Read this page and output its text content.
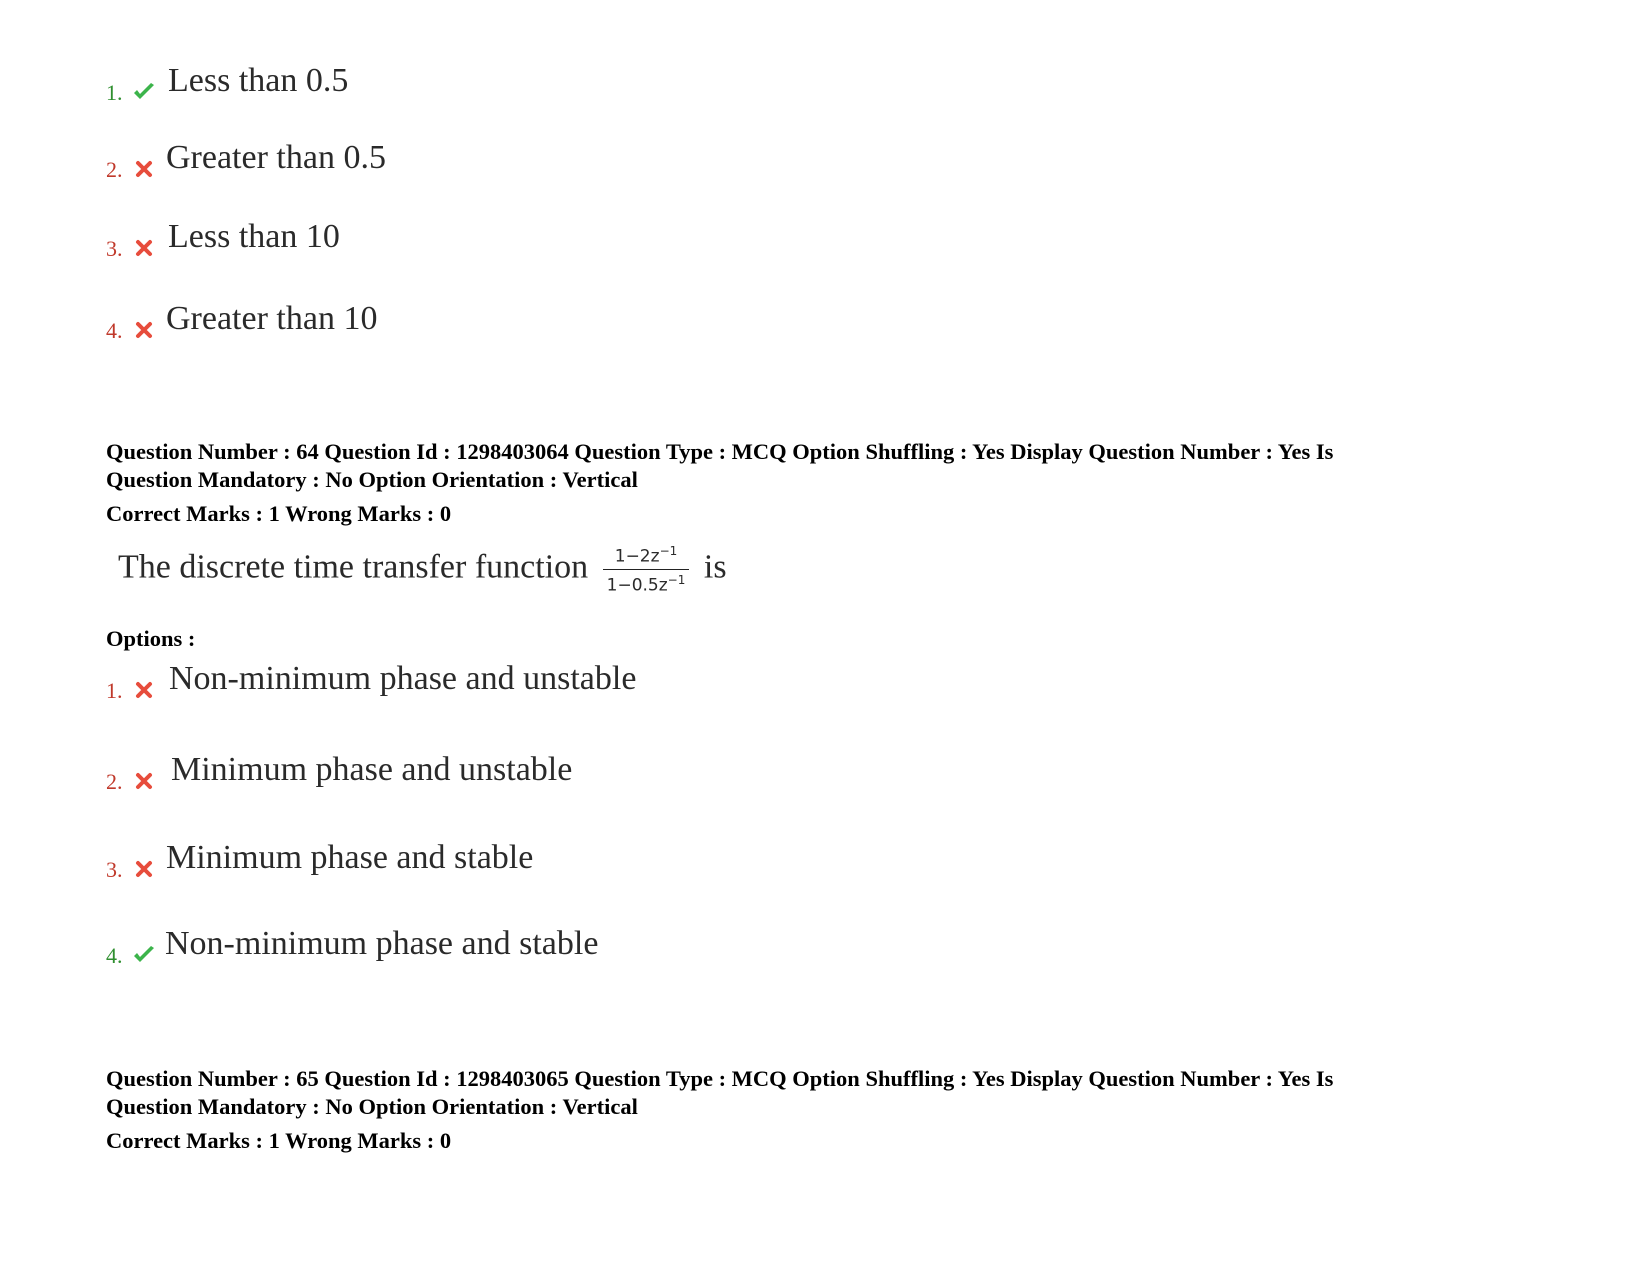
1. Less than 0.5
2. Greater than 0.5
3. Less than 10
4. Greater than 10
Question Number : 64 Question Id : 1298403064 Question Type : MCQ Option Shuffling : Yes Display Question Number : Yes Is
Question Mandatory : No Option Orientation : Vertical
Correct Marks : 1 Wrong Marks : 0
The discrete time transfer function $\frac{1-2z^{-1}}{1-0.5z^{-1}}$ is
Options :
1. Non-minimum phase and unstable
2. Minimum phase and unstable
3. Minimum phase and stable
4. Non-minimum phase and stable
Question Number : 65 Question Id : 1298403065 Question Type : MCQ Option Shuffling : Yes Display Question Number : Yes Is
Question Mandatory : No Option Orientation : Vertical
Correct Marks : 1 Wrong Marks : 0
